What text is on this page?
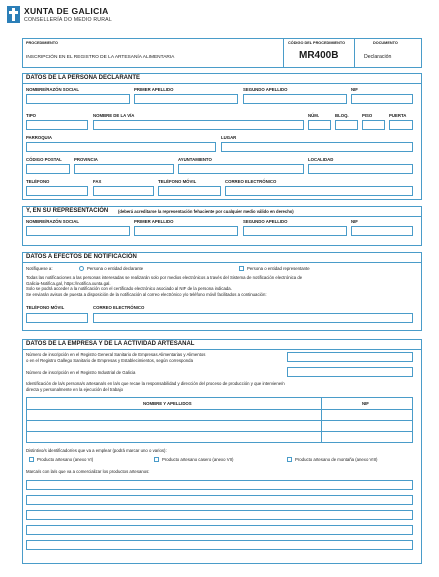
XUNTA DE GALICIA
CONSELLERÍA DO MEDIO RURAL
PROCEDIMIENTO
INSCRIPCIÓN EN EL REGISTRO DE LA ARTESANÍA ALIMENTARIA
CÓDIGO DEL PROCEDIMIENTO
MR400B
DOCUMENTO
Declaración
DATOS DE LA PERSONA DECLARANTE
NOMBRE/RAZÓN SOCIAL	PRIMER APELLIDO	SEGUNDO APELLIDO	NIF
TIPO	NOMBRE DE LA VÍA	NÚM.	BLOQ.	PISO	PUERTA
PARROQUIA	LUGAR
CÓDIGO POSTAL	PROVINCIA	AYUNTAMIENTO	LOCALIDAD
TELÉFONO	FAX	TELÉFONO MÓVIL	CORREO ELECTRÓNICO
Y, EN SU REPRESENTACIÓN (deberá acreditarse la representación fehaciente por cualquier medio válido en derecho)
NOMBRE/RAZÓN SOCIAL	PRIMER APELLIDO	SEGUNDO APELLIDO	NIF
DATOS A EFECTOS DE NOTIFICACIÓN
Notifíquese a:	Persona o entidad declarante	Persona o entidad representante
Todas las notificaciones a las personas interesadas se realizarán solo por medios electrónicos a través del Sistema de notificación electrónica de
Galicia-Notifica.gal, https://notifica.xunta.gal.
Solo se podrá acceder a la notificación con el certificado electrónico asociado al NIF de la persona indicada.
Se enviarán avisos de puesta a disposición de la notificación al correo electrónico y/o teléfono móvil facilitados a continuación:
TELÉFONO MÓVIL	CORREO ELECTRÓNICO
DATOS DE LA EMPRESA Y DE LA ACTIVIDAD ARTESANAL
Número de inscripción en el Registro General Sanitario de Empresas Alimentarias y Alimentos
o en el Registro Gallego Sanitario de Empresas y Establecimientos, según corresponda
Número de inscripción en el Registro Industrial de Galicia
Identificación de la/s persona/s artesana/s en la/s que recae la responsabilidad y dirección del proceso de producción y que interviene/n
directa y personalmente en la ejecución del trabajo
NOMBRE Y APELLIDOS	NIF
Distintivo/s identificador/es que va a emplear (podrá marcar uno o varios):
Producto artesano (anexo VI)	Producto artesano casero (anexo VII)	Producto artesano de montaña (anexo VIII)
Marca/s con la/s que va a comercializar los productos artesanos:
